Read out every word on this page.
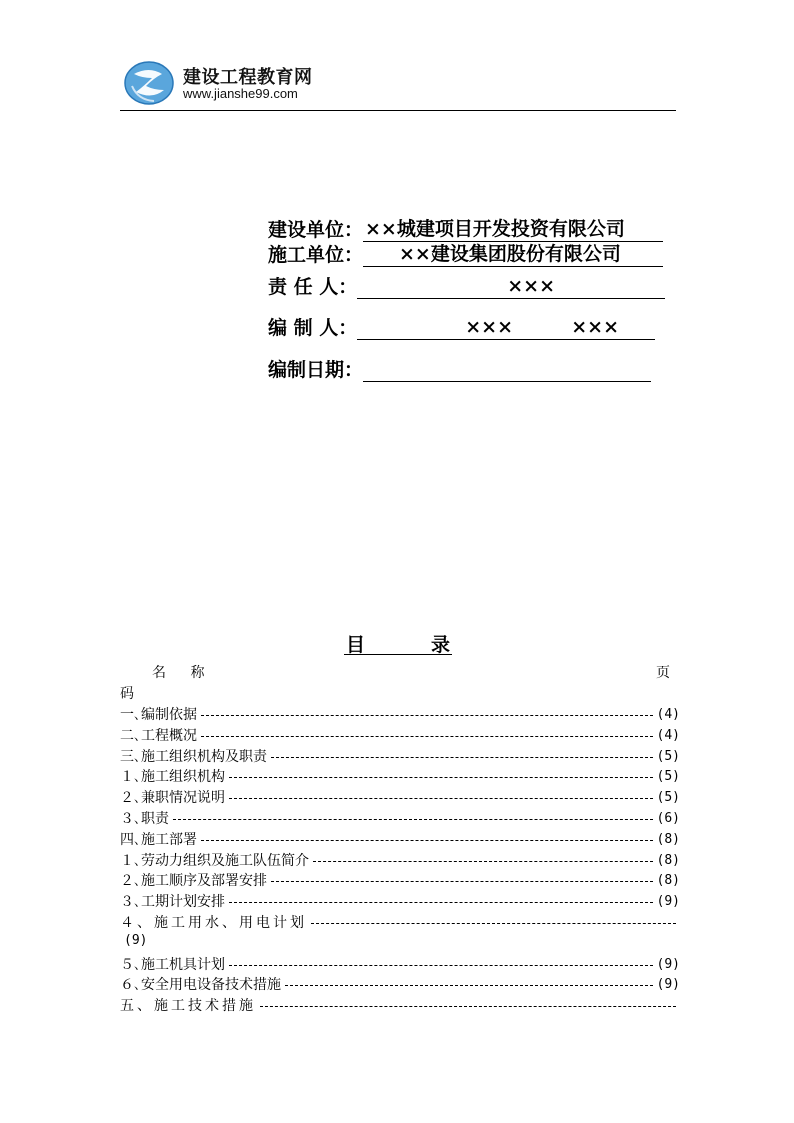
建设工程教育网
www.jianshe99.com
建设单位： ××城建项目开发投资有限公司
施工单位： ××建设集团股份有限公司
责 任 人：	×××
编 制 人：	×××	×××
编制日期：
目	录
名 称	页
码
一､编制依据	(4)
二､工程概况	(4)
三､施工组织机构及职责	(5)
１､施工组织机构	(5)
２､兼职情况说明	(5)
３､职责	(6)
四､施工部署	(8)
１､劳动力组织及施工队伍简介	(8)
２､施工顺序及部署安排	(8)
３､工期计划安排	(9)
４、施工用水、用电计划
(9)
５､施工机具计划	(9)
６､安全用电设备技术措施	(9)
五、施工技术措施
